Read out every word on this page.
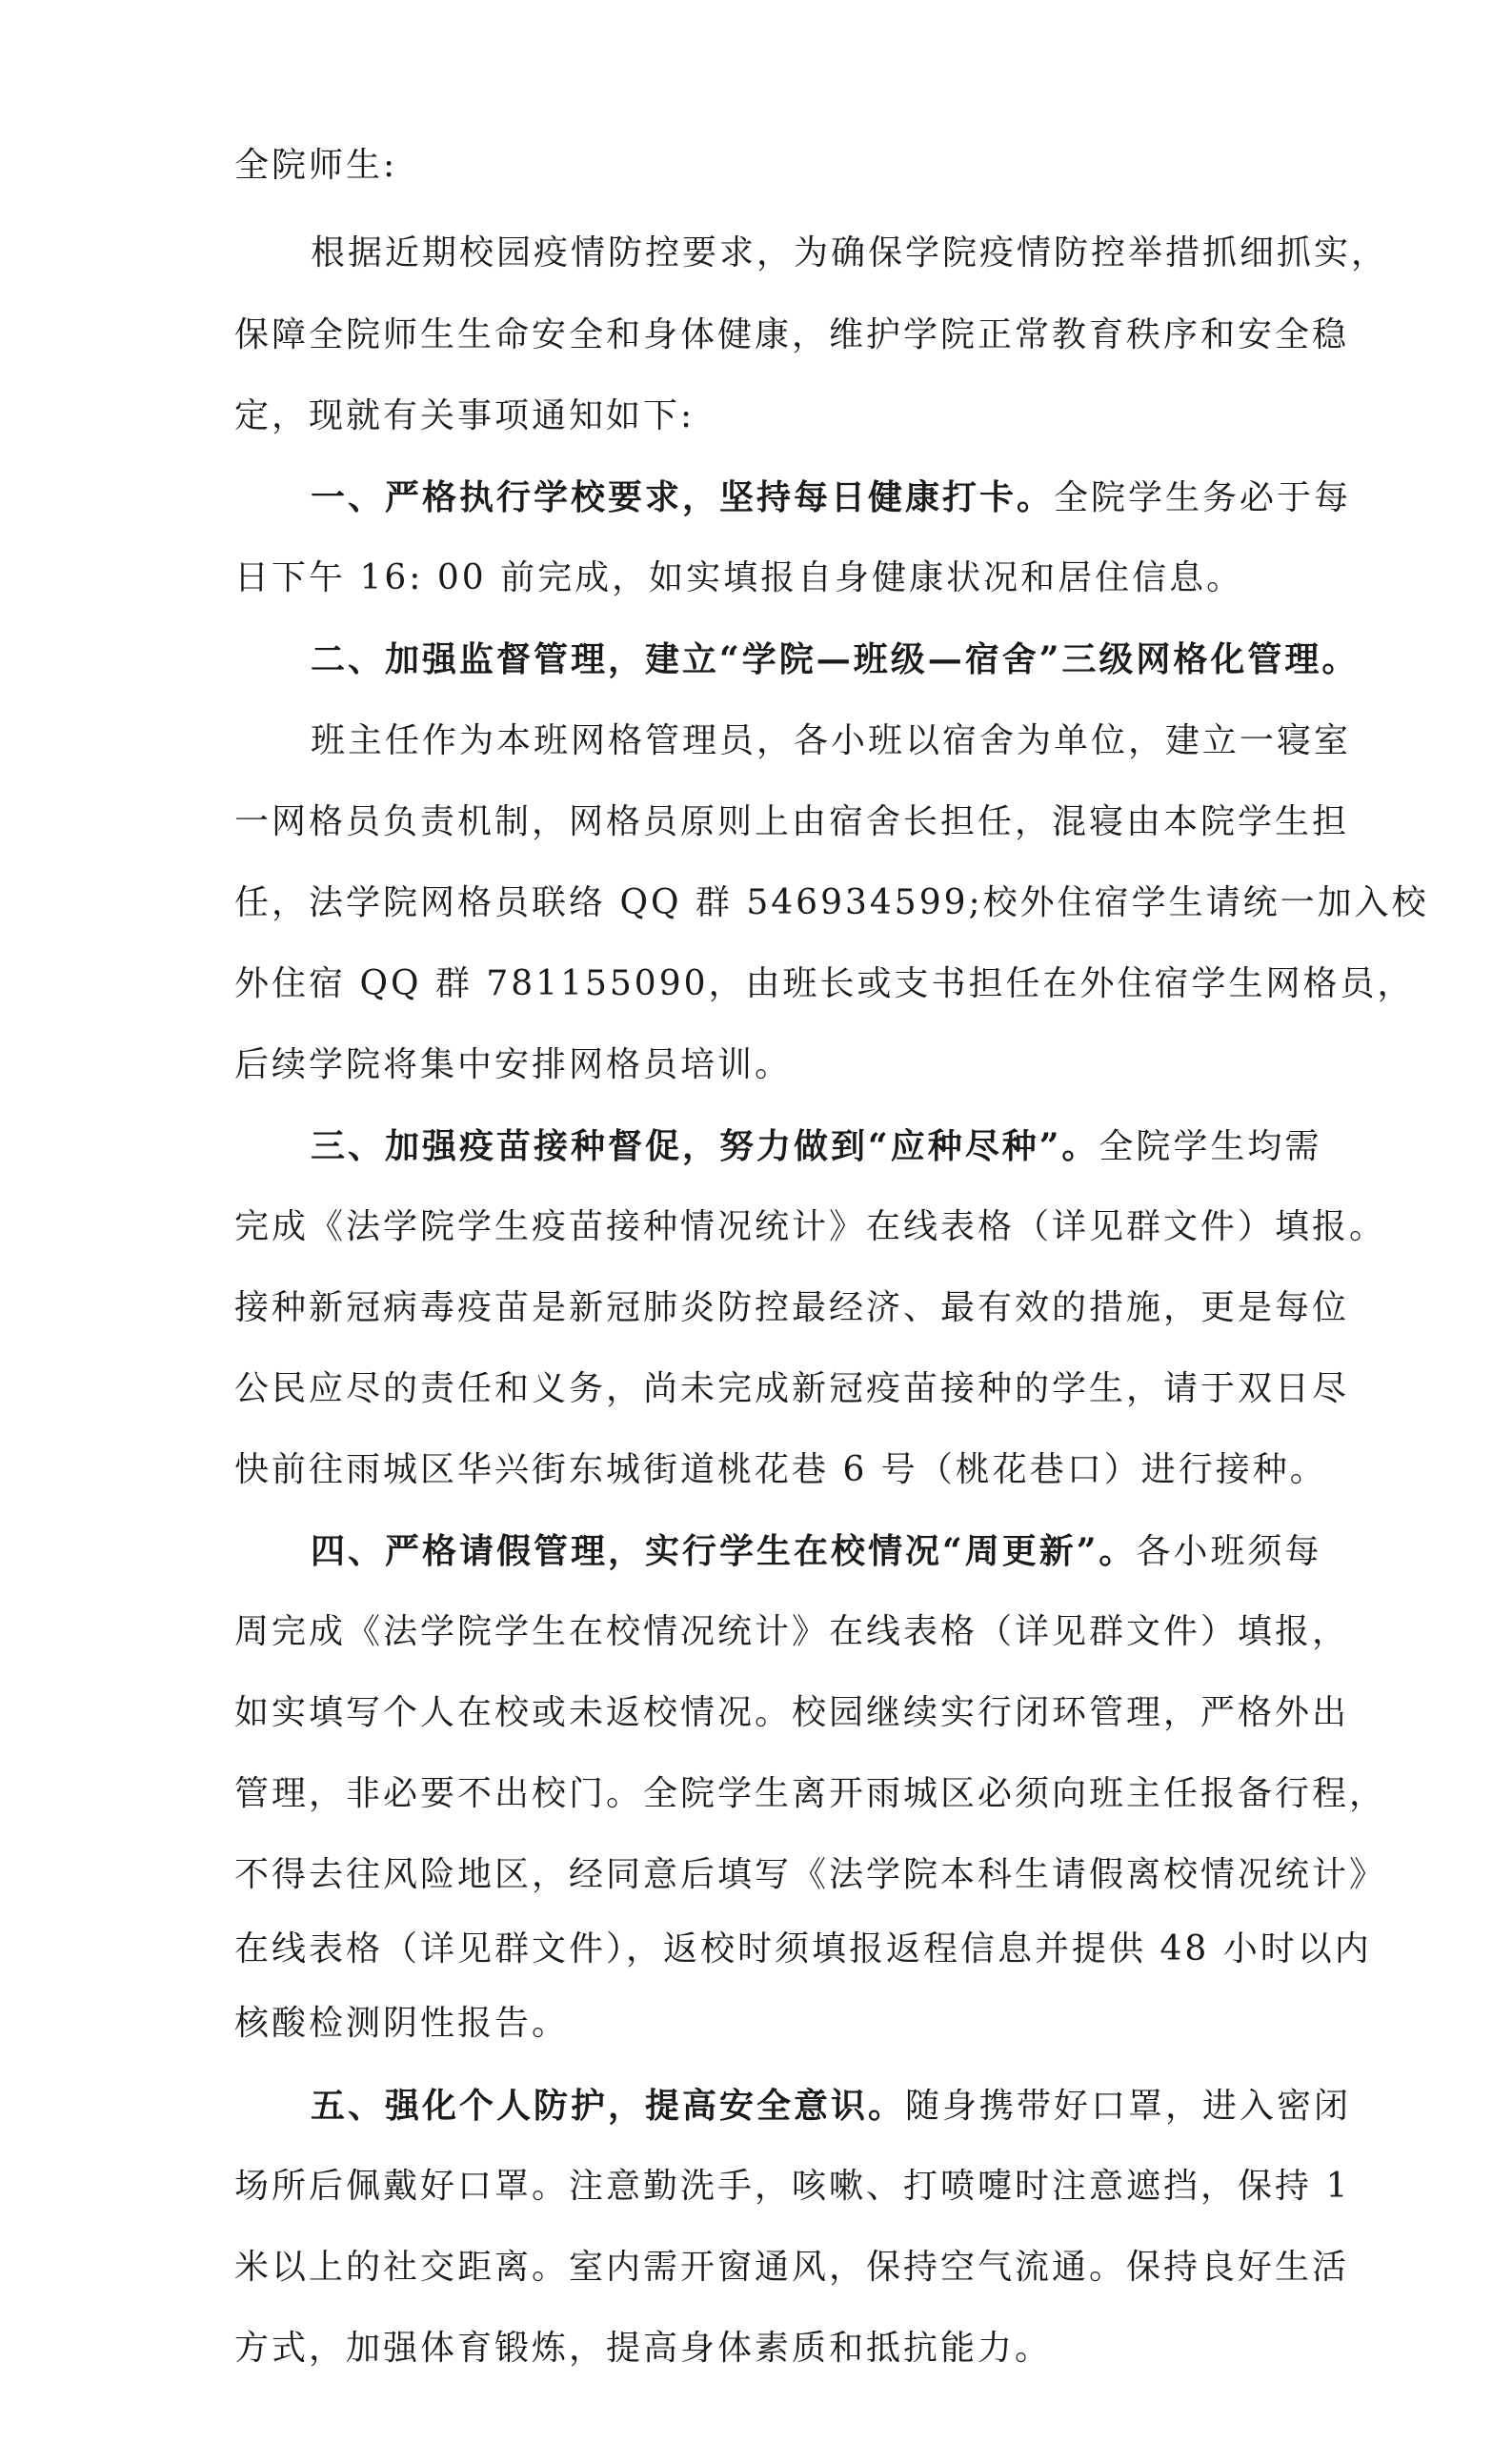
全院师生:
根据近期校园疫情防控要求，为确保学院疫情防控举措抓细抓实，
保障全院师生生命安全和身体健康，维护学院正常教育秩序和安全稳
定，现就有关事项通知如下:
一、严格执行学校要求，坚持每日健康打卡。全院学生务必于每
日下午 16: 00 前完成，如实填报自身健康状况和居住信息。
二、加强监督管理，建立“学院—班级—宿舍”三级网格化管理。
班主任作为本班网格管理员，各小班以宿舍为单位，建立一寝室
一网格员负责机制，网格员原则上由宿舍长担任，混寝由本院学生担
任，法学院网格员联络 QQ 群 546934599;校外住宿学生请统一加入校
外住宿 QQ 群 781155090，由班长或支书担任在外住宿学生网格员，
后续学院将集中安排网格员培训。
三、加强疫苗接种督促，努力做到“应种尽种”。全院学生均需
完成《法学院学生疫苗接种情况统计》在线表格（详见群文件）填报。
接种新冠病毒疫苗是新冠肺炎防控最经济、最有效的措施，更是每位
公民应尽的责任和义务，尚未完成新冠疫苗接种的学生，请于双日尽
快前往雨城区华兴街东城街道桃花巷 6 号（桃花巷口）进行接种。
四、严格请假管理，实行学生在校情况“周更新”。各小班须每
周完成《法学院学生在校情况统计》在线表格（详见群文件）填报，
如实填写个人在校或未返校情况。校园继续实行闭环管理，严格外出
管理，非必要不出校门。全院学生离开雨城区必须向班主任报备行程，
不得去往风险地区，经同意后填写《法学院本科生请假离校情况统计》
在线表格（详见群文件），返校时须填报返程信息并提供 48 小时以内
核酸检测阴性报告。
五、强化个人防护，提高安全意识。随身携带好口罩，进入密闭
场所后佩戴好口罩。注意勤洗手，咳嗽、打喷嚏时注意遮挡，保持 1
米以上的社交距离。室内需开窗通风，保持空气流通。保持良好生活
方式，加强体育锻炼，提高身体素质和抵抗能力。
